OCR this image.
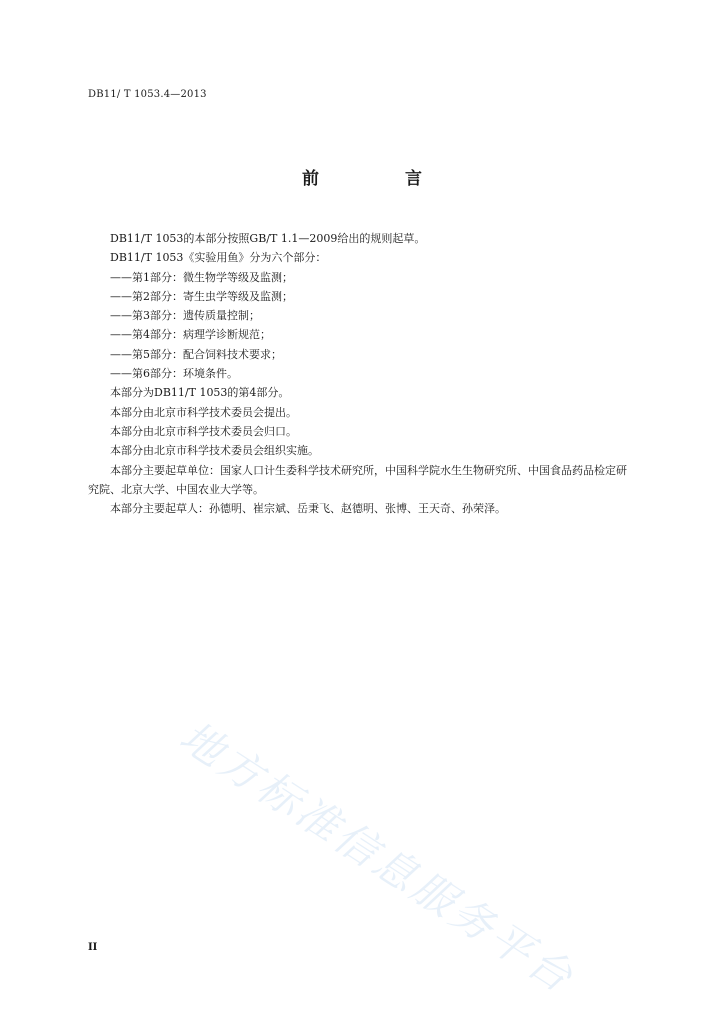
DB11/ T 1053.4—2013
前 言

DB11/T 1053的本部分按照GB/T 1.1—2009给出的规则起草。

DB11/T 1053《实验用鱼》分为六个部分：

——第1部分：微生物学等级及监测；

——第2部分：寄生虫学等级及监测；

——第3部分：遗传质量控制；

——第4部分：病理学诊断规范；

——第5部分：配合饲料技术要求；

——第6部分：环境条件。

本部分为DB11/T 1053的第4部分。

本部分由北京市科学技术委员会提出。

本部分由北京市科学技术委员会归口。

本部分由北京市科学技术委员会组织实施。

本部分主要起草单位：国家人口计生委科学技术研究所，中国科学院水生生物研究所、中国食品药品检定研究院、北京大学、中国农业大学等。

本部分主要起草人：孙德明、崔宗斌、岳秉飞、赵德明、张博、王天奇、孙荣泽。

地方标准信息服务平台
II
